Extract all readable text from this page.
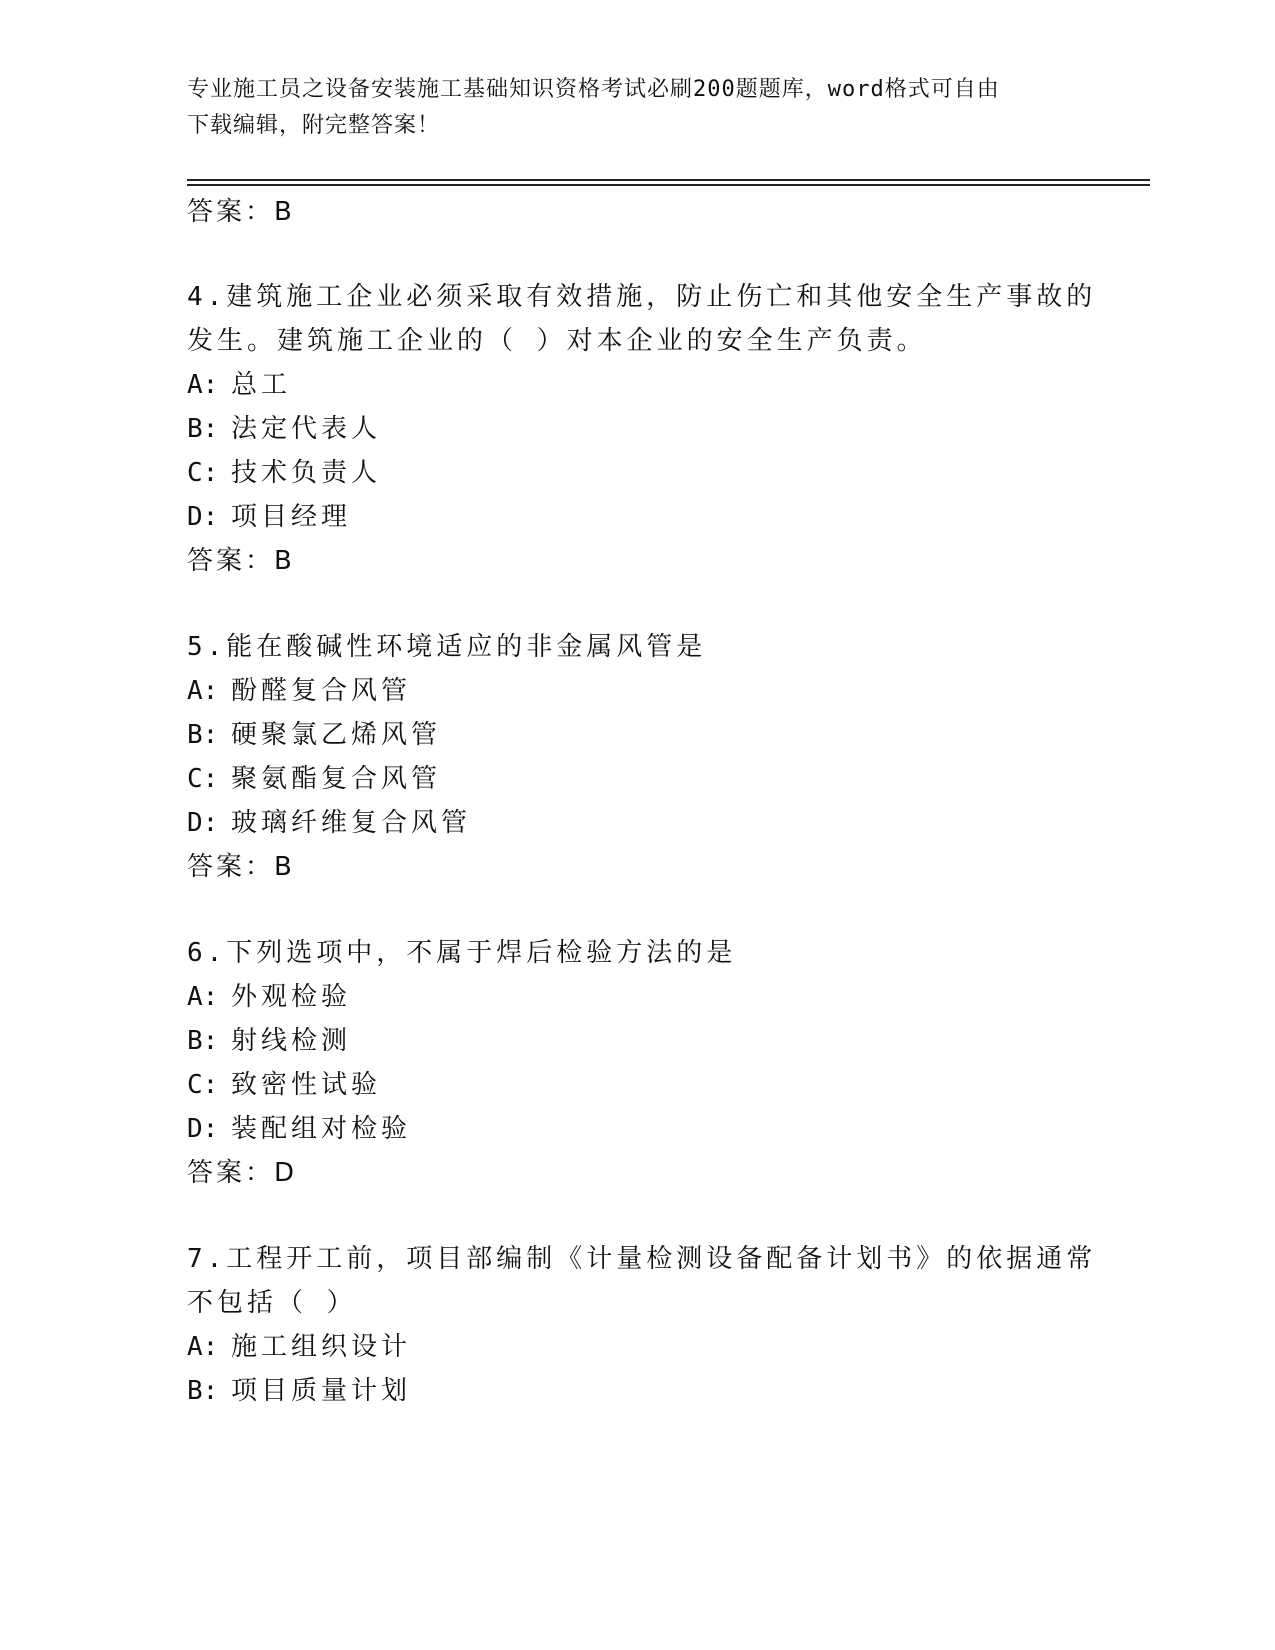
专业施工员之设备安装施工基础知识资格考试必刷200题题库，word格式可自由
下载编辑，附完整答案！
答案：B
4.建筑施工企业必须采取有效措施，防止伤亡和其他安全生产事故的
发生。建筑施工企业的（ ）对本企业的安全生产负责。
A: 总工
B: 法定代表人
C: 技术负责人
D: 项目经理
答案：B
5.能在酸碱性环境适应的非金属风管是
A: 酚醛复合风管
B: 硬聚氯乙烯风管
C: 聚氨酯复合风管
D: 玻璃纤维复合风管
答案：B
6.下列选项中，不属于焊后检验方法的是
A: 外观检验
B: 射线检测
C: 致密性试验
D: 装配组对检验
答案：D
7.工程开工前，项目部编制《计量检测设备配备计划书》的依据通常
不包括（ ）
A: 施工组织设计
B: 项目质量计划
